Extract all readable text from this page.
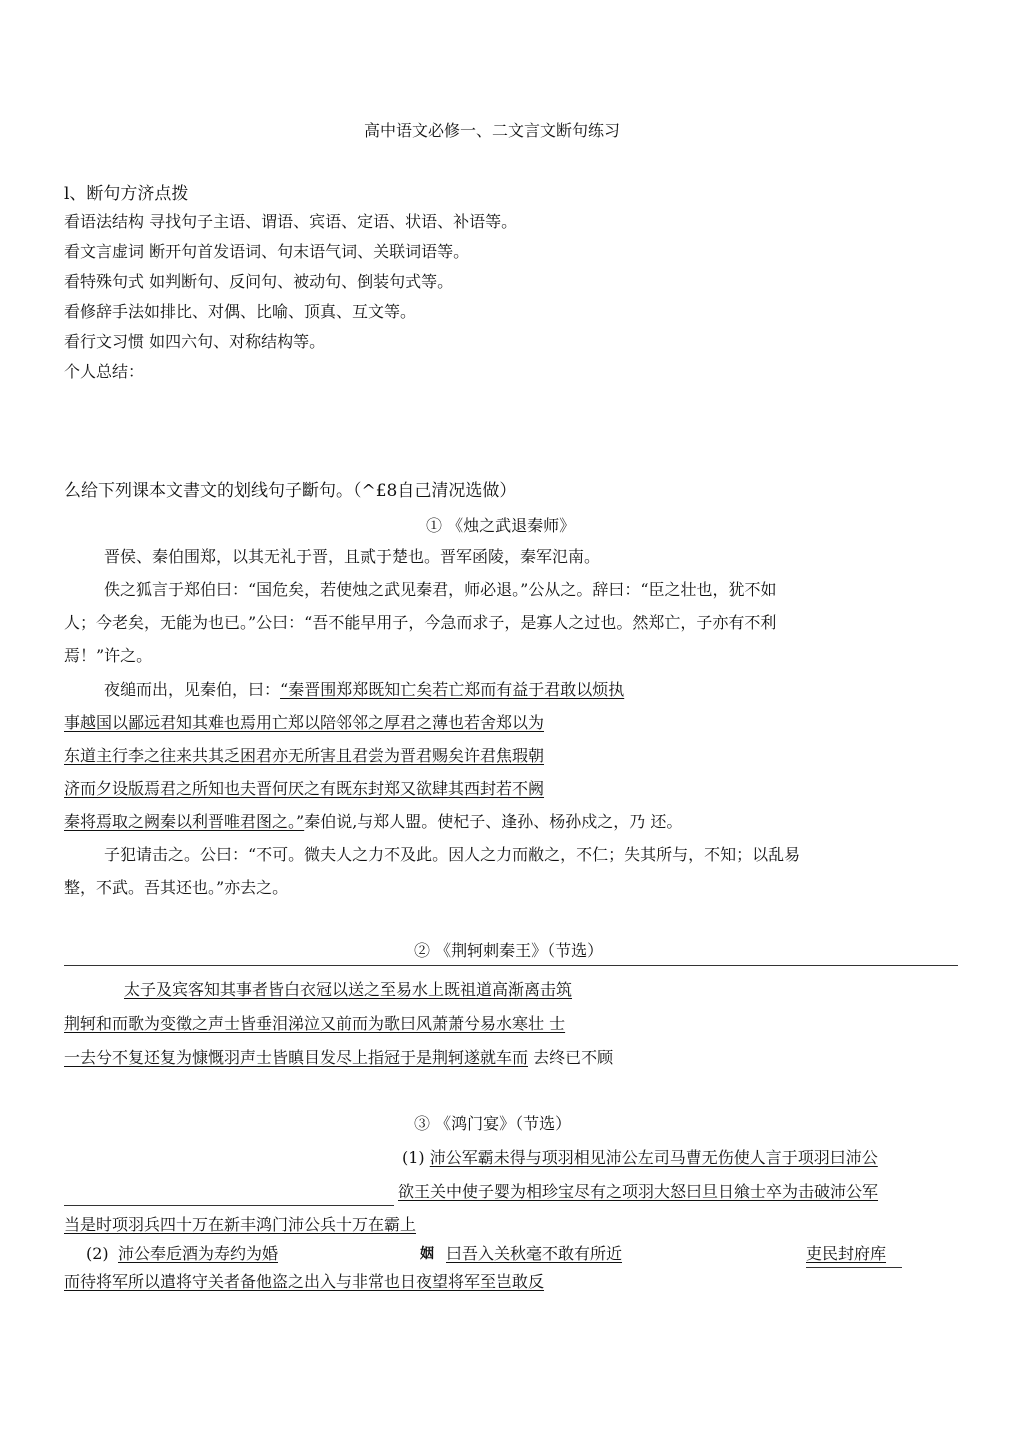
高中语文必修一、二文言文断句练习
l、断句方济点拨
看语法结构 寻找句子主语、谓语、宾语、定语、状语、补语等。
看文言虚词 断开句首发语词、句末语气词、关联词语等。
看特殊句式 如判断句、反问句、被动句、倒装句式等。
看修辞手法如排比、对偶、比喻、顶真、互文等。
看行文习惯 如四六句、对称结构等。
个人总结：
么给下列课本文書文的划线句子斷句。（^£8自己清况选做）
① 《烛之武退秦师》
晋侯、秦伯围郑，以其无礼于晋，且贰于楚也。晋军函陵，秦军氾南。
佚之狐言于郑伯曰：“国危矣，若使烛之武见秦君，师必退。”公从之。辞曰：“臣之壮也，犹不如
人；今老矣，无能为也已。”公曰：“吾不能早用子，今急而求子，是寡人之过也。然郑亡，子亦有不利
焉！”许之。
夜缒而出，见秦伯，曰：“秦晋围郑郑既知亡矣若亡郑而有益于君敢以烦执
事越国以鄙远君知其难也焉用亡郑以陪邻邻之厚君之薄也若舍郑以为
东道主行李之往来共其乏困君亦无所害且君尝为晋君赐矣许君焦瑕朝
济而夕设版焉君之所知也夫晋何厌之有既东封郑又欲肆其西封若不阙
秦将焉取之阙秦以利晋唯君图之。”秦伯说,与郑人盟。使杞子、逢孙、杨孙戍之，乃 还。
子犯请击之。公曰：“不可。微夫人之力不及此。因人之力而敝之，不仁；失其所与，不知；以乱易
整，不武。吾其还也。”亦去之。
② 《荆轲刺秦王》（节选）
太子及宾客知其事者皆白衣冠以送之至易水上既祖道高渐离击筑
荆轲和而歌为变徵之声士皆垂泪涕泣又前而为歌曰风萧萧兮易水寒壮 士
一去兮不复还复为慷慨羽声士皆瞋目发尽上指冠于是荆轲遂就车而 去终已不顾
③ 《鸿门宴》（节选）
(1) 沛公军霸未得与项羽相见沛公左司马曹无伤使人言于项羽曰沛公
欲王关中使子婴为相珍宝尽有之项羽大怒曰旦日飨士卒为击破沛公军
当是时项羽兵四十万在新丰鸿门沛公兵十万在霸上
(2) 沛公奉卮酒为寿约为婚	姻 曰吾入关秋毫不敢有所近	吏民封府库
而待将军所以遣将守关者备他盗之出入与非常也日夜望将军至岂敢反
